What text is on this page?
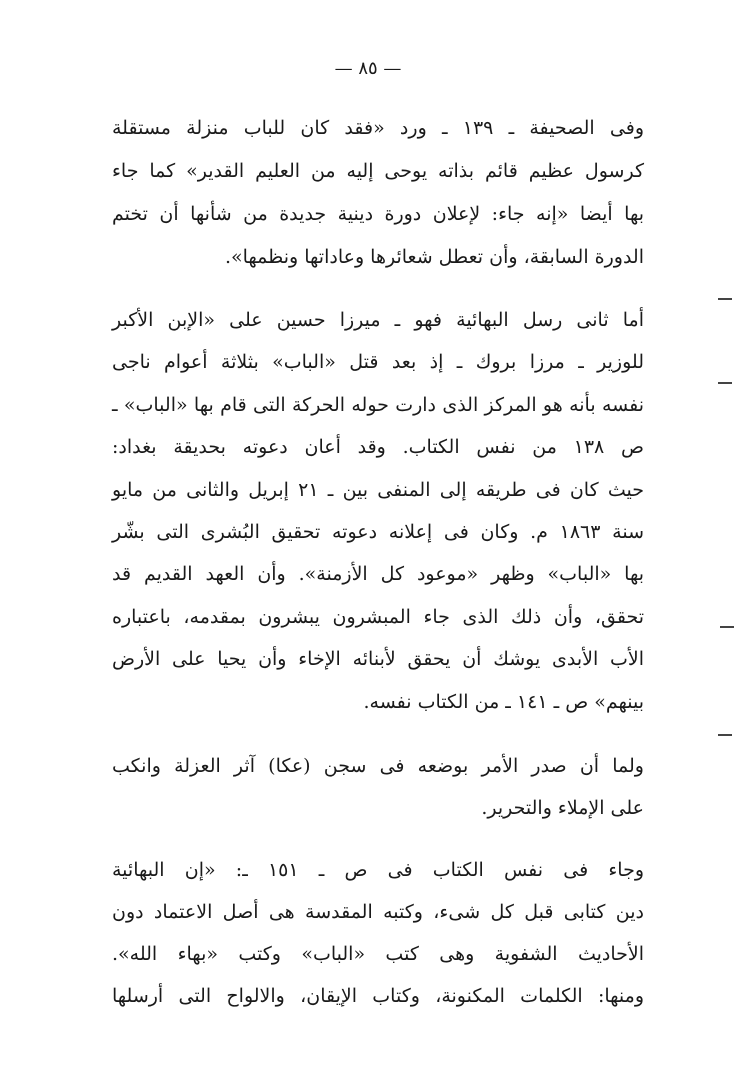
— ٨٥ —
وفى الصحيفة ـ ١٣٩ ـ ورد «فقد كان للباب منزلة مستقلة
كرسول عظيم قائم بذاته يوحى إليه من العليم القدير» كما جاء
بها أيضا «إنه جاء: لإعلان دورة دينية جديدة من شأنها أن تختم
الدورة السابقة، وأن تعطل شعائرها وعاداتها ونظمها».
أما ثانى رسل البهائية فهو ـ ميرزا حسين على «الإبن الأكبر
للوزير ـ مرزا بروك ـ إذ بعد قتل «الباب» بثلاثة أعوام ناجى
نفسه بأنه هو المركز الذى دارت حوله الحركة التى قام بها «الباب» ـ
ص ١٣٨ من نفس الكتاب. وقد أعان دعوته بحديقة بغداد:
حيث كان فى طريقه إلى المنفى بين ـ ٢١ إبريل والثانى من مايو
سنة ١٨٦٣ م. وكان فى إعلانه دعوته تحقيق البُشرى التى بشّر
بها «الباب» وظهر «موعود كل الأزمنة». وأن العهد القديم قد
تحقق، وأن ذلك الذى جاء المبشرون يبشرون بمقدمه، باعتباره
الأب الأبدى يوشك أن يحقق لأبنائه الإخاء وأن يحيا على الأرض
بينهم» ص ـ ١٤١ ـ من الكتاب نفسه.
ولما أن صدر الأمر بوضعه فى سجن (عكا) آثر العزلة وانكب
على الإملاء والتحرير.
وجاء فى نفس الكتاب فى ص ـ ١٥١ ـ: «إن البهائية
دين كتابى قبل كل شىء، وكتبه المقدسة هى أصل الاعتماد دون
الأحاديث الشفوية وهى كتب «الباب» وكتب «بهاء الله».
ومنها: الكلمات المكنونة، وكتاب الإيقان، والالواح التى أرسلها
